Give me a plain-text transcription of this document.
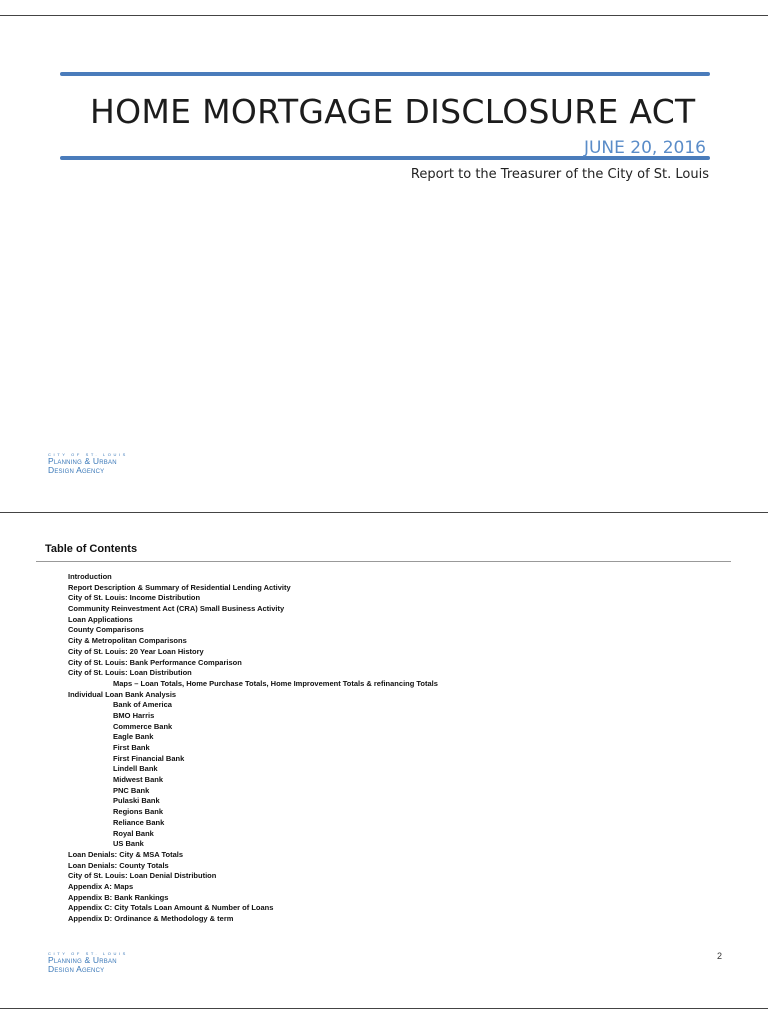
HOME MORTGAGE DISCLOSURE ACT
JUNE 20, 2016
Report to the Treasurer of the City of St. Louis
CITY OF ST. LOUIS
Planning & Urban
Design Agency
Table of Contents
Introduction
Report Description & Summary of Residential Lending Activity
City of St. Louis: Income Distribution
Community Reinvestment Act (CRA) Small Business Activity
Loan Applications
County Comparisons
City & Metropolitan Comparisons
City of St. Louis: 20 Year Loan History
City of St. Louis: Bank Performance Comparison
City of St. Louis: Loan Distribution
Maps – Loan Totals, Home Purchase Totals, Home Improvement Totals & refinancing Totals
Individual Loan Bank Analysis
Bank of America
BMO Harris
Commerce Bank
Eagle Bank
First Bank
First Financial Bank
Lindell Bank
Midwest Bank
PNC Bank
Pulaski Bank
Regions Bank
Reliance Bank
Royal Bank
US Bank
Loan Denials: City & MSA Totals
Loan Denials: County Totals
City of St. Louis: Loan Denial Distribution
Appendix A: Maps
Appendix B: Bank Rankings
Appendix C: City Totals Loan Amount & Number of Loans
Appendix D: Ordinance & Methodology & term
CITY OF ST. LOUIS
Planning & Urban
Design Agency
2
